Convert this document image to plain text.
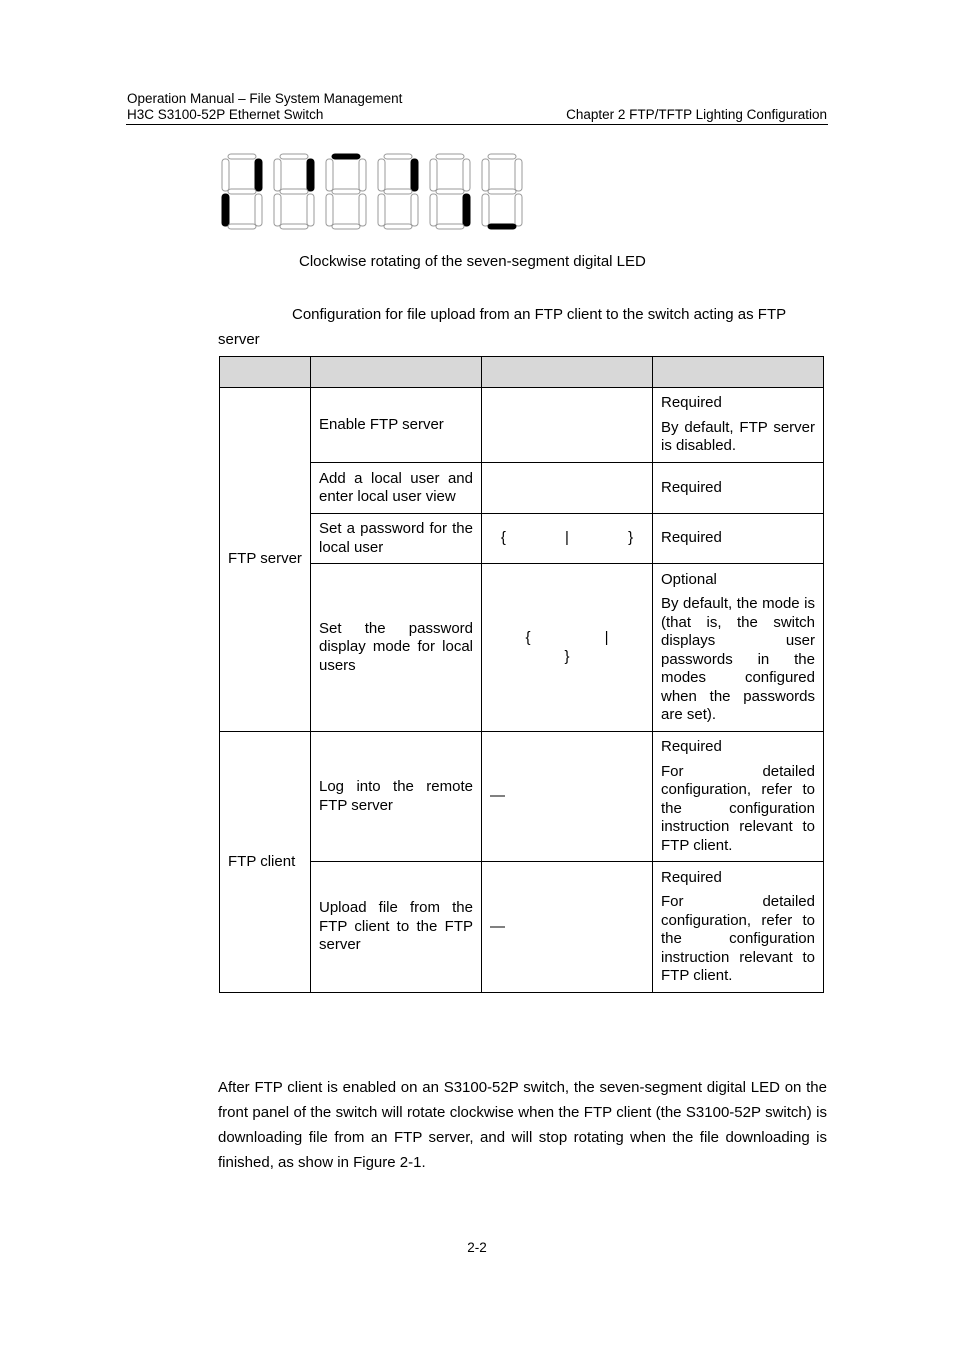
Operation Manual – File System Management
H3C S3100-52P Ethernet Switch	Chapter 2 FTP/TFTP Lighting Configuration
Clockwise rotating of the seven-segment digital LED
Configuration for file upload from an FTP client to the switch acting as FTP server

FTP server	Enable FTP server		Required

By default, FTP server is disabled.

	Add a local user and enter local user view		Required

	Set a password for the local user	{ | }	Required

	Set the password display mode for local users	{ | }	Optional

By default, the mode is (that is, the switch displays user passwords in the modes configured when the passwords are set).

FTP client	Log into the remote FTP server	—	Required

For detailed configuration, refer to the configuration instruction relevant to FTP client.

	Upload file from the FTP client to the FTP server	—	Required

For detailed configuration, refer to the configuration instruction relevant to FTP client.

After FTP client is enabled on an S3100-52P switch, the seven-segment digital LED on the front panel of the switch will rotate clockwise when the FTP client (the S3100-52P switch) is downloading file from an FTP server, and will stop rotating when the file downloading is finished, as show in Figure 2-1.
2-2
